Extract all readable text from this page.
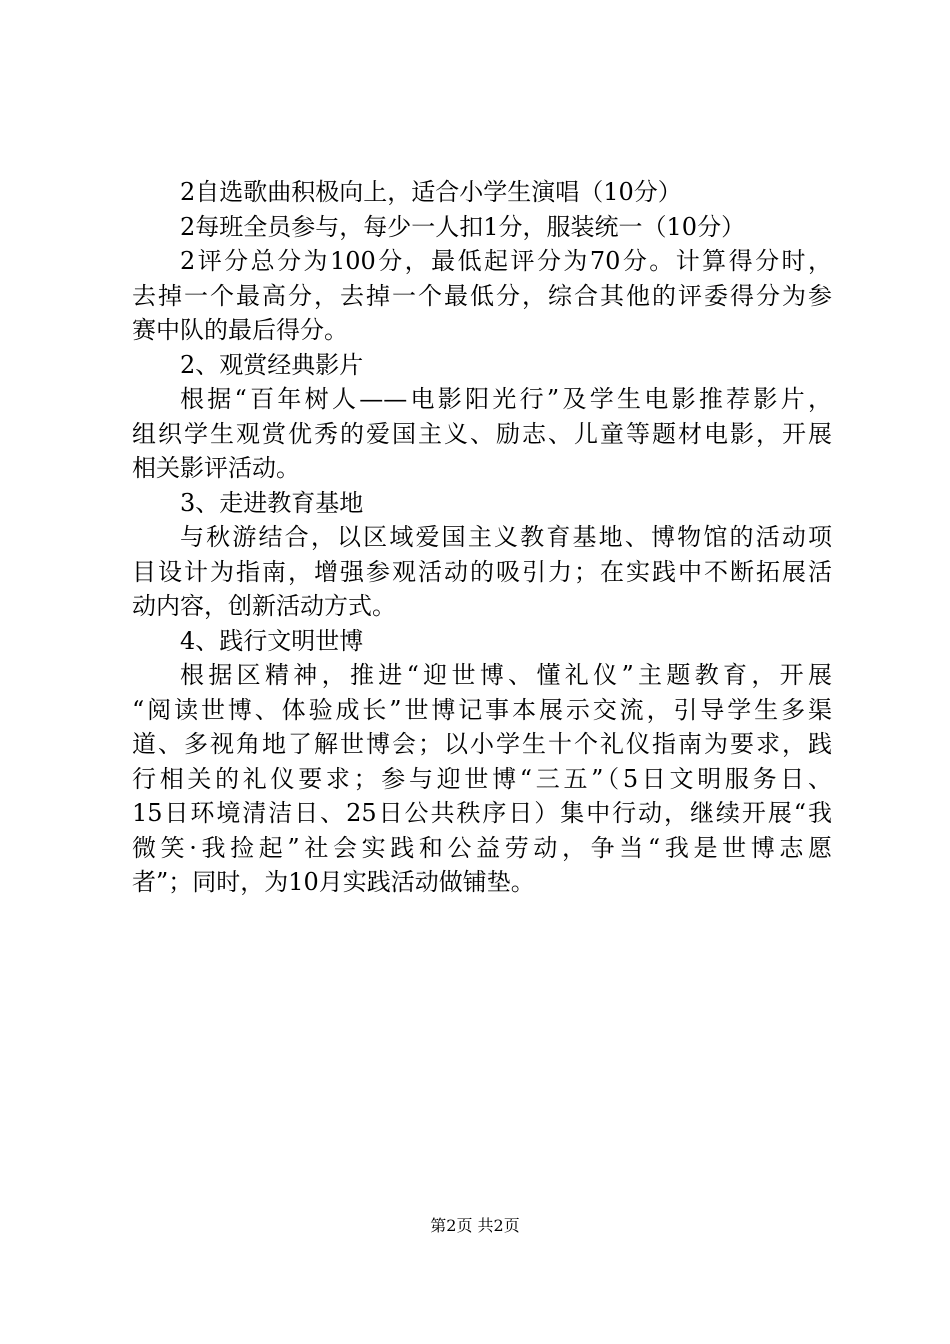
2自选歌曲积极向上，适合小学生演唱（10分）
2每班全员参与，每少一人扣1分，服装统一（10分）
2评分总分为100分，最低起评分为70分。计算得分时，
去掉一个最高分，去掉一个最低分，综合其他的评委得分为参
赛中队的最后得分。
2、观赏经典影片
根据“百年树人——电影阳光行”及学生电影推荐影片，
组织学生观赏优秀的爱国主义、励志、儿童等题材电影，开展
相关影评活动。
3、走进教育基地
与秋游结合，以区域爱国主义教育基地、博物馆的活动项
目设计为指南，增强参观活动的吸引力；在实践中不断拓展活
动内容，创新活动方式。
4、践行文明世博
根据区精神，推进“迎世博、懂礼仪”主题教育，开展
“阅读世博、体验成长”世博记事本展示交流，引导学生多渠
道、多视角地了解世博会；以小学生十个礼仪指南为要求，践
行相关的礼仪要求；参与迎世博“三五”（5日文明服务日、
15日环境清洁日、25日公共秩序日）集中行动，继续开展“我
微笑·我捡起”社会实践和公益劳动，争当“我是世博志愿
者”；同时，为10月实践活动做铺垫。
第2页 共2页
